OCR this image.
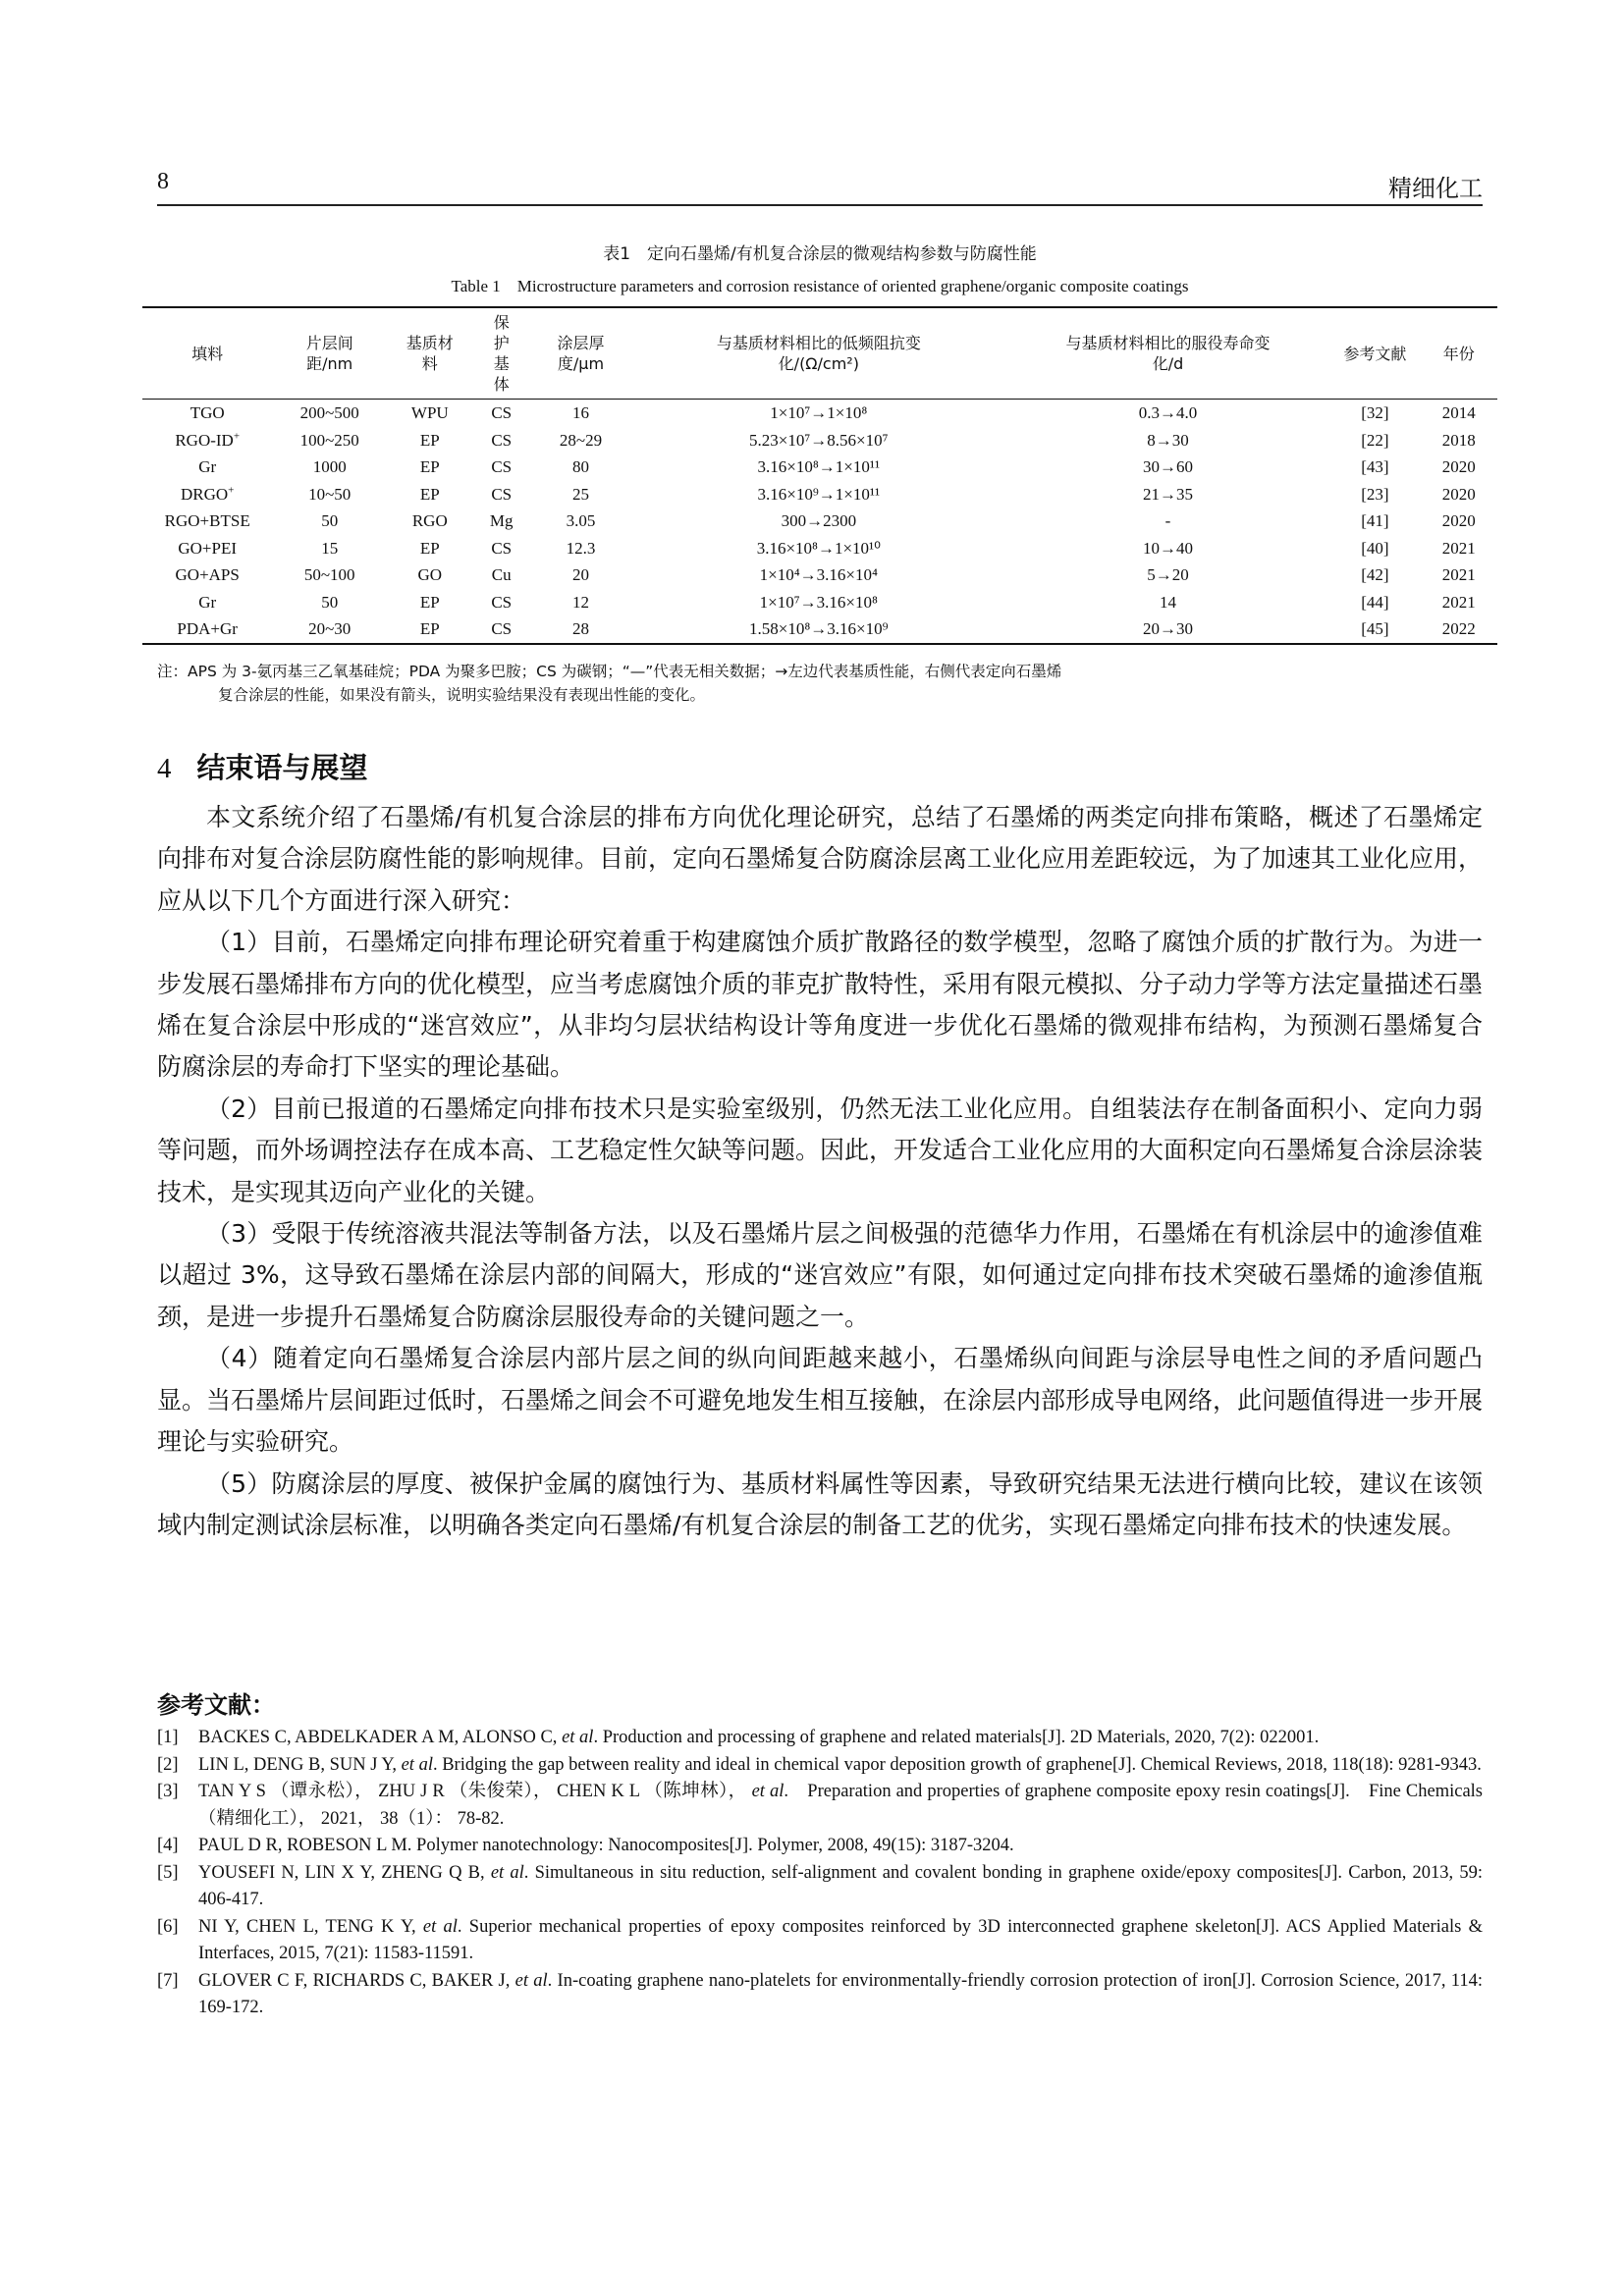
8	精细化工
表1　定向石墨烯/有机复合涂层的微观结构参数与防腐性能
Table 1　Microstructure parameters and corrosion resistance of oriented graphene/organic composite coatings
填料	片层间距/nm	基质材料	保护基体	涂层厚度/μm	与基质材料相比的低频阻抗变化/(Ω/cm²)	与基质材料相比的服役寿命变化/d	参考文献	年份
TGO	200~500	WPU	CS	16	1×10⁷→1×10⁸	0.3→4.0	[32]	2014
RGO-ID+	100~250	EP	CS	28~29	5.23×10⁷→8.56×10⁷	8→30	[22]	2018
Gr	1000	EP	CS	80	3.16×10⁸→1×10¹¹	30→60	[43]	2020
DRGO+	10~50	EP	CS	25	3.16×10⁹→1×10¹¹	21→35	[23]	2020
RGO+BTSE	50	RGO	Mg	3.05	300→2300	-	[41]	2020
GO+PEI	15	EP	CS	12.3	3.16×10⁸→1×10¹⁰	10→40	[40]	2021
GO+APS	50~100	GO	Cu	20	1×10⁴→3.16×10⁴	5→20	[42]	2021
Gr	50	EP	CS	12	1×10⁷→3.16×10⁸	14	[44]	2021
PDA+Gr	20~30	EP	CS	28	1.58×10⁸→3.16×10⁹	20→30	[45]	2022
注：APS 为 3-氨丙基三乙氧基硅烷；PDA 为聚多巴胺；CS 为碳钢；“—”代表无相关数据；→左边代表基质性能，右侧代表定向石墨烯
复合涂层的性能，如果没有箭头，说明实验结果没有表现出性能的变化。
4 结束语与展望

本文系统介绍了石墨烯/有机复合涂层的排布方向优化理论研究，总结了石墨烯的两类定向排布策略，概述了石墨烯定向排布对复合涂层防腐性能的影响规律。目前，定向石墨烯复合防腐涂层离工业化应用差距较远，为了加速其工业化应用，应从以下几个方面进行深入研究：

（1）目前，石墨烯定向排布理论研究着重于构建腐蚀介质扩散路径的数学模型，忽略了腐蚀介质的扩散行为。为进一步发展石墨烯排布方向的优化模型，应当考虑腐蚀介质的菲克扩散特性，采用有限元模拟、分子动力学等方法定量描述石墨烯在复合涂层中形成的“迷宫效应”，从非均匀层状结构设计等角度进一步优化石墨烯的微观排布结构，为预测石墨烯复合防腐涂层的寿命打下坚实的理论基础。

（2）目前已报道的石墨烯定向排布技术只是实验室级别，仍然无法工业化应用。自组装法存在制备面积小、定向力弱等问题，而外场调控法存在成本高、工艺稳定性欠缺等问题。因此，开发适合工业化应用的大面积定向石墨烯复合涂层涂装技术，是实现其迈向产业化的关键。

（3）受限于传统溶液共混法等制备方法，以及石墨烯片层之间极强的范德华力作用，石墨烯在有机涂层中的逾渗值难以超过 3%，这导致石墨烯在涂层内部的间隔大，形成的“迷宫效应”有限，如何通过定向排布技术突破石墨烯的逾渗值瓶颈，是进一步提升石墨烯复合防腐涂层服役寿命的关键问题之一。

（4）随着定向石墨烯复合涂层内部片层之间的纵向间距越来越小，石墨烯纵向间距与涂层导电性之间的矛盾问题凸显。当石墨烯片层间距过低时，石墨烯之间会不可避免地发生相互接触，在涂层内部形成导电网络，此问题值得进一步开展理论与实验研究。

（5）防腐涂层的厚度、被保护金属的腐蚀行为、基质材料属性等因素，导致研究结果无法进行横向比较，建议在该领域内制定测试涂层标准，以明确各类定向石墨烯/有机复合涂层的制备工艺的优劣，实现石墨烯定向排布技术的快速发展。

参考文献：
[1] BACKES C, ABDELKADER A M, ALONSO C, et al. Production and processing of graphene and related materials[J]. 2D Materials, 2020, 7(2): 022001.
[2] LIN L, DENG B, SUN J Y, et al. Bridging the gap between reality and ideal in chemical vapor deposition growth of graphene[J]. Chemical Reviews, 2018, 118(18): 9281-9343.
[3] TAN Y S （谭永松）， ZHU J R （朱俊荣）， CHEN K L （陈坤林）， et al.　Preparation and properties of graphene composite epoxy resin coatings[J].　Fine Chemicals （精细化工）， 2021， 38（1）： 78-82.
[4] PAUL D R, ROBESON L M. Polymer nanotechnology: Nanocomposites[J]. Polymer, 2008, 49(15): 3187-3204.
[5] YOUSEFI N, LIN X Y, ZHENG Q B, et al. Simultaneous in situ reduction, self-alignment and covalent bonding in graphene oxide/epoxy composites[J]. Carbon, 2013, 59: 406-417.
[6] NI Y, CHEN L, TENG K Y, et al. Superior mechanical properties of epoxy composites reinforced by 3D interconnected graphene skeleton[J]. ACS Applied Materials & Interfaces, 2015, 7(21): 11583-11591.
[7] GLOVER C F, RICHARDS C, BAKER J, et al. In-coating graphene nano-platelets for environmentally-friendly corrosion protection of iron[J]. Corrosion Science, 2017, 114: 169-172.
